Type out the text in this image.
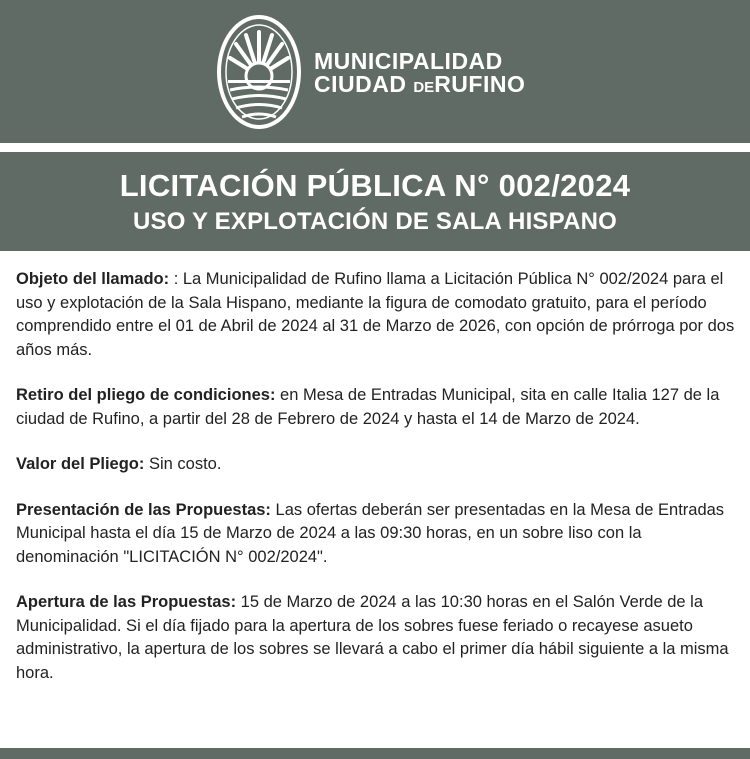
MUNICIPALIDAD
CIUDAD DERUFINO
LICITACIÓN PÚBLICA N° 002/2024
USO Y EXPLOTACIÓN DE SALA HISPANO

Objeto del llamado: : La Municipalidad de Rufino llama a Licitación Pública N° 002/2024 para el uso y explotación de la Sala Hispano, mediante la figura de comodato gratuito, para el período comprendido entre el 01 de Abril de 2024 al 31 de Marzo de 2026, con opción de prórroga por dos años más.

Retiro del pliego de condiciones: en Mesa de Entradas Municipal, sita en calle Italia 127 de la ciudad de Rufino, a partir del 28 de Febrero de 2024 y hasta el 14 de Marzo de 2024.

Valor del Pliego: Sin costo.

Presentación de las Propuestas: Las ofertas deberán ser presentadas en la Mesa de Entradas Municipal hasta el día 15 de Marzo de 2024 a las 09:30 horas, en un sobre liso con la denominación "LICITACIÓN N° 002/2024".

Apertura de las Propuestas: 15 de Marzo de 2024 a las 10:30 horas en el Salón Verde de la Municipalidad. Si el día fijado para la apertura de los sobres fuese feriado o recayese asueto administrativo, la apertura de los sobres se llevará a cabo el primer día hábil siguiente a la misma hora.
